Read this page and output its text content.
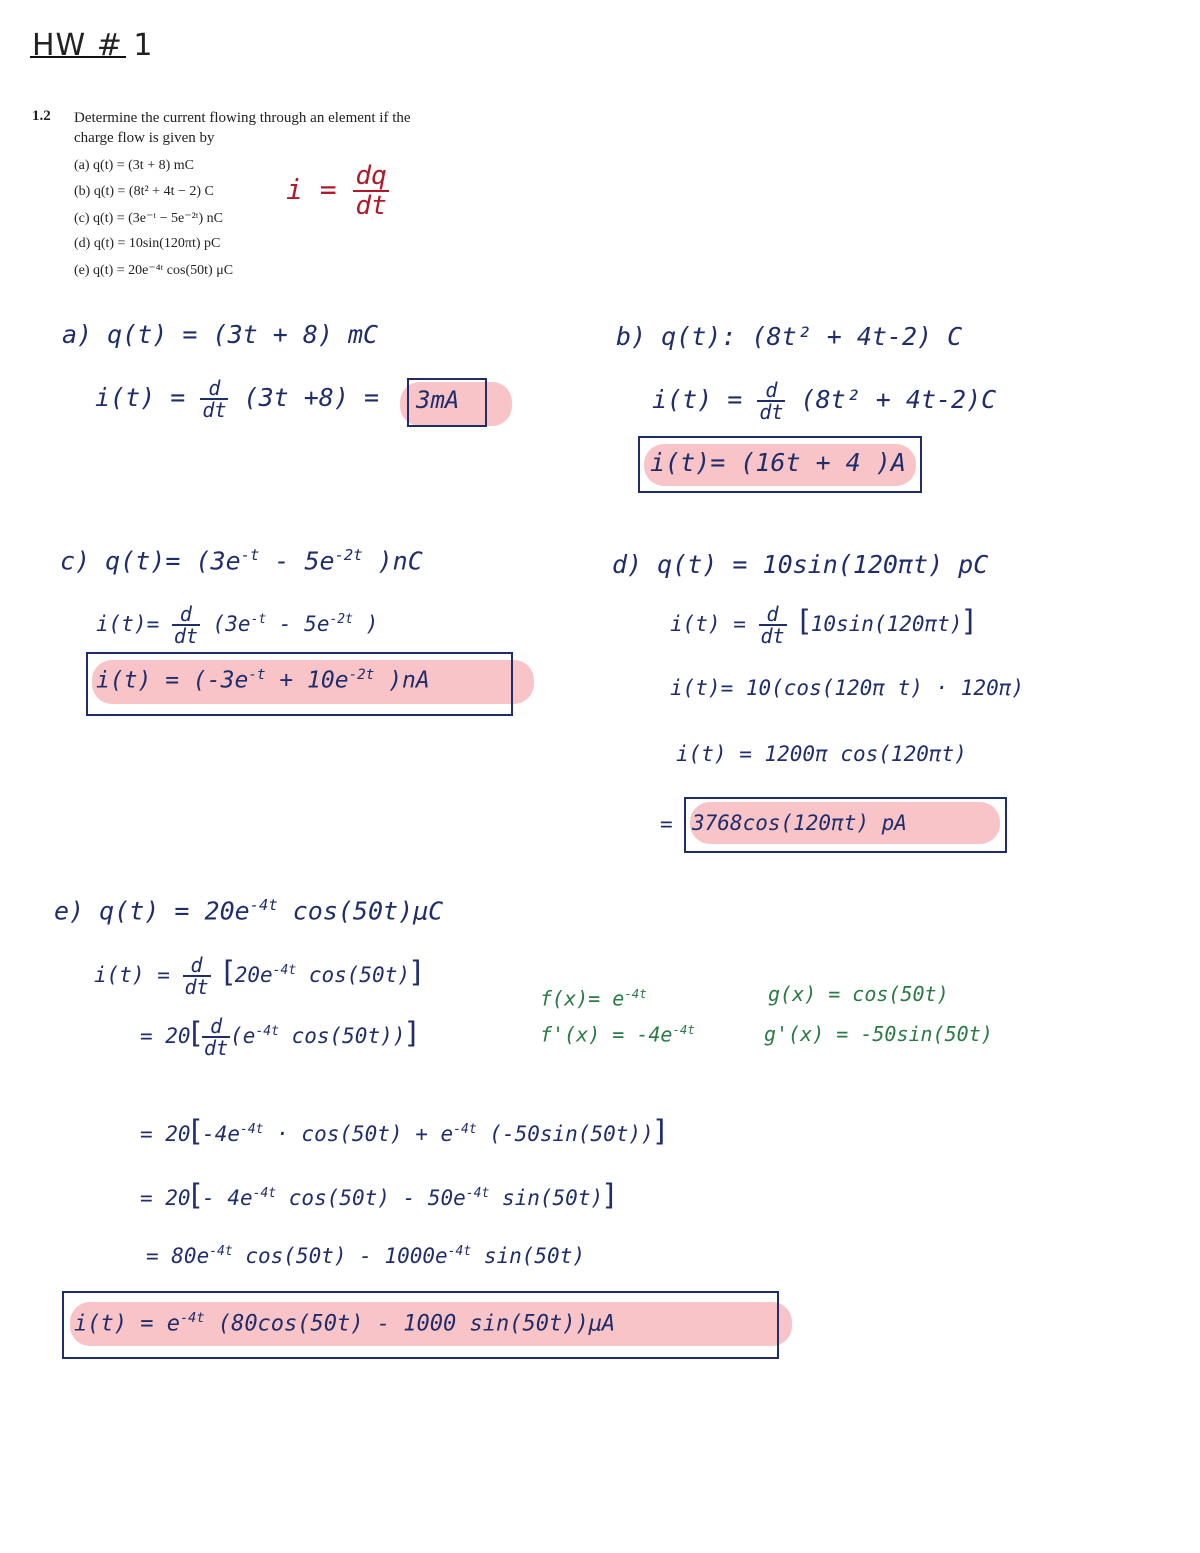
HW # 1
1.2 Determine the current flowing through an element if the charge flow is given by
(a) q(t) = (3t + 8) mC
(b) q(t) = (8t² + 4t − 2) C
(c) q(t) = (3e⁻ᵗ − 5e⁻²ᵗ) nC
(d) q(t) = 10sin(120πt) pC
(e) q(t) = 20e⁻⁴ᵗ cos(50t) μC
$i = \frac{dq}{dt}$
a) q(t) = (3t + 8) mC
$i(t) = \frac{d}{dt} (3t +8) = 3mA$
b) q(t): (8t² + 4t-2) C
$i(t) = \frac{d}{dt} (8t^2 + 4t-2)C$
i(t)= (16t + 4 )A
c) $q(t)= (3e^{-t} - 5e^{-2t}$ )nC
$i(t)= \frac{d}{dt} (3e^{-t} - 5e^{-2t}$ )
$i(t) = (-3e^{-t} + 10e^{-2t}$ )nA
d) q(t) = 10sin(120πt) pC
$i(t) = \frac{d}{dt} [10\sin(120\pi t)]$
i(t)= 10(cos(120π t) · 120π)
i(t) = 1200π cos(120πt)
= 3768cos(120πt) pA
e) $q(t) = 20e^{-4t}$ cos(50t)μC
$i(t) = \frac{d}{dt} [20e^{-4t}$ cos(50t)]
= $20[ \frac{d}{dt} (e^{-4t}$ cos(50t))]
$f(x)= e^{-4t}$
$f'(x) = -4e^{-4t}$
g(x) = cos(50t)
g'(x) = -50sin(50t)
= $20[-4e^{-4t} \cdot \cos(50t) + e^{-4t}$ (-50sin(50t))]
= 20[- $4e^{-4t}$ $\cos(50t) - 50e^{-4t}$ sin(50t)]
= $80e^{-4t}$ $\cos(50t) - 1000e^{-4t}$ sin(50t)
$i(t) = e^{-4t}$ (80cos(50t) - 1000 sin(50t))μA
